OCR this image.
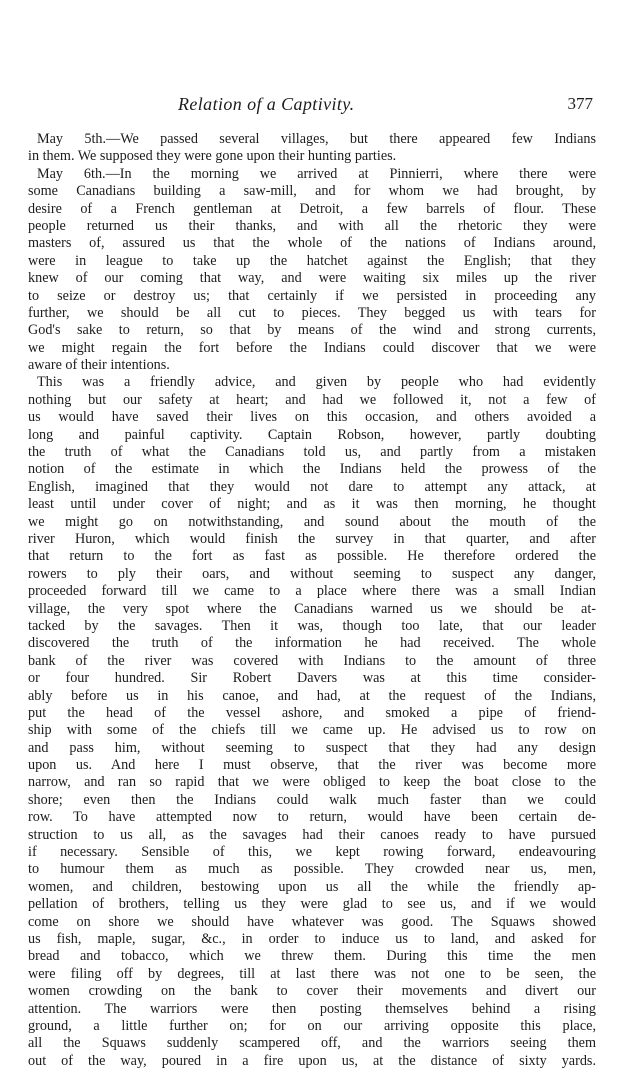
Relation of a Captivity.	377
May 5th.—We passed several villages, but there appeared few Indians
in them. We supposed they were gone upon their hunting parties.
May 6th.—In the morning we arrived at Pinnierri, where there were
some Canadians building a saw-mill, and for whom we had brought, by
desire of a French gentleman at Detroit, a few barrels of flour. These
people returned us their thanks, and with all the rhetoric they were
masters of, assured us that the whole of the nations of Indians around,
were in league to take up the hatchet against the English; that they
knew of our coming that way, and were waiting six miles up the river
to seize or destroy us; that certainly if we persisted in proceeding any
further, we should be all cut to pieces. They begged us with tears for
God's sake to return, so that by means of the wind and strong currents,
we might regain the fort before the Indians could discover that we were
aware of their intentions.
This was a friendly advice, and given by people who had evidently
nothing but our safety at heart; and had we followed it, not a few of
us would have saved their lives on this occasion, and others avoided a
long and painful captivity. Captain Robson, however, partly doubting
the truth of what the Canadians told us, and partly from a mistaken
notion of the estimate in which the Indians held the prowess of the
English, imagined that they would not dare to attempt any attack, at
least until under cover of night; and as it was then morning, he thought
we might go on notwithstanding, and sound about the mouth of the
river Huron, which would finish the survey in that quarter, and after
that return to the fort as fast as possible. He therefore ordered the
rowers to ply their oars, and without seeming to suspect any danger,
proceeded forward till we came to a place where there was a small Indian
village, the very spot where the Canadians warned us we should be at-
tacked by the savages. Then it was, though too late, that our leader
discovered the truth of the information he had received. The whole
bank of the river was covered with Indians to the amount of three
or four hundred. Sir Robert Davers was at this time consider-
ably before us in his canoe, and had, at the request of the Indians,
put the head of the vessel ashore, and smoked a pipe of friend-
ship with some of the chiefs till we came up. He advised us to row on
and pass him, without seeming to suspect that they had any design
upon us. And here I must observe, that the river was become more
narrow, and ran so rapid that we were obliged to keep the boat close to the
shore; even then the Indians could walk much faster than we could
row. To have attempted now to return, would have been certain de-
struction to us all, as the savages had their canoes ready to have pursued
if necessary. Sensible of this, we kept rowing forward, endeavouring
to humour them as much as possible. They crowded near us, men,
women, and children, bestowing upon us all the while the friendly ap-
pellation of brothers, telling us they were glad to see us, and if we would
come on shore we should have whatever was good. The Squaws showed
us fish, maple, sugar, &c., in order to induce us to land, and asked for
bread and tobacco, which we threw them. During this time the men
were filing off by degrees, till at last there was not one to be seen, the
women crowding on the bank to cover their movements and divert our
attention. The warriors were then posting themselves behind a rising
ground, a little further on; for on our arriving opposite this place,
all the Squaws suddenly scampered off, and the warriors seeing them
out of the way, poured in a fire upon us, at the distance of sixty yards.
